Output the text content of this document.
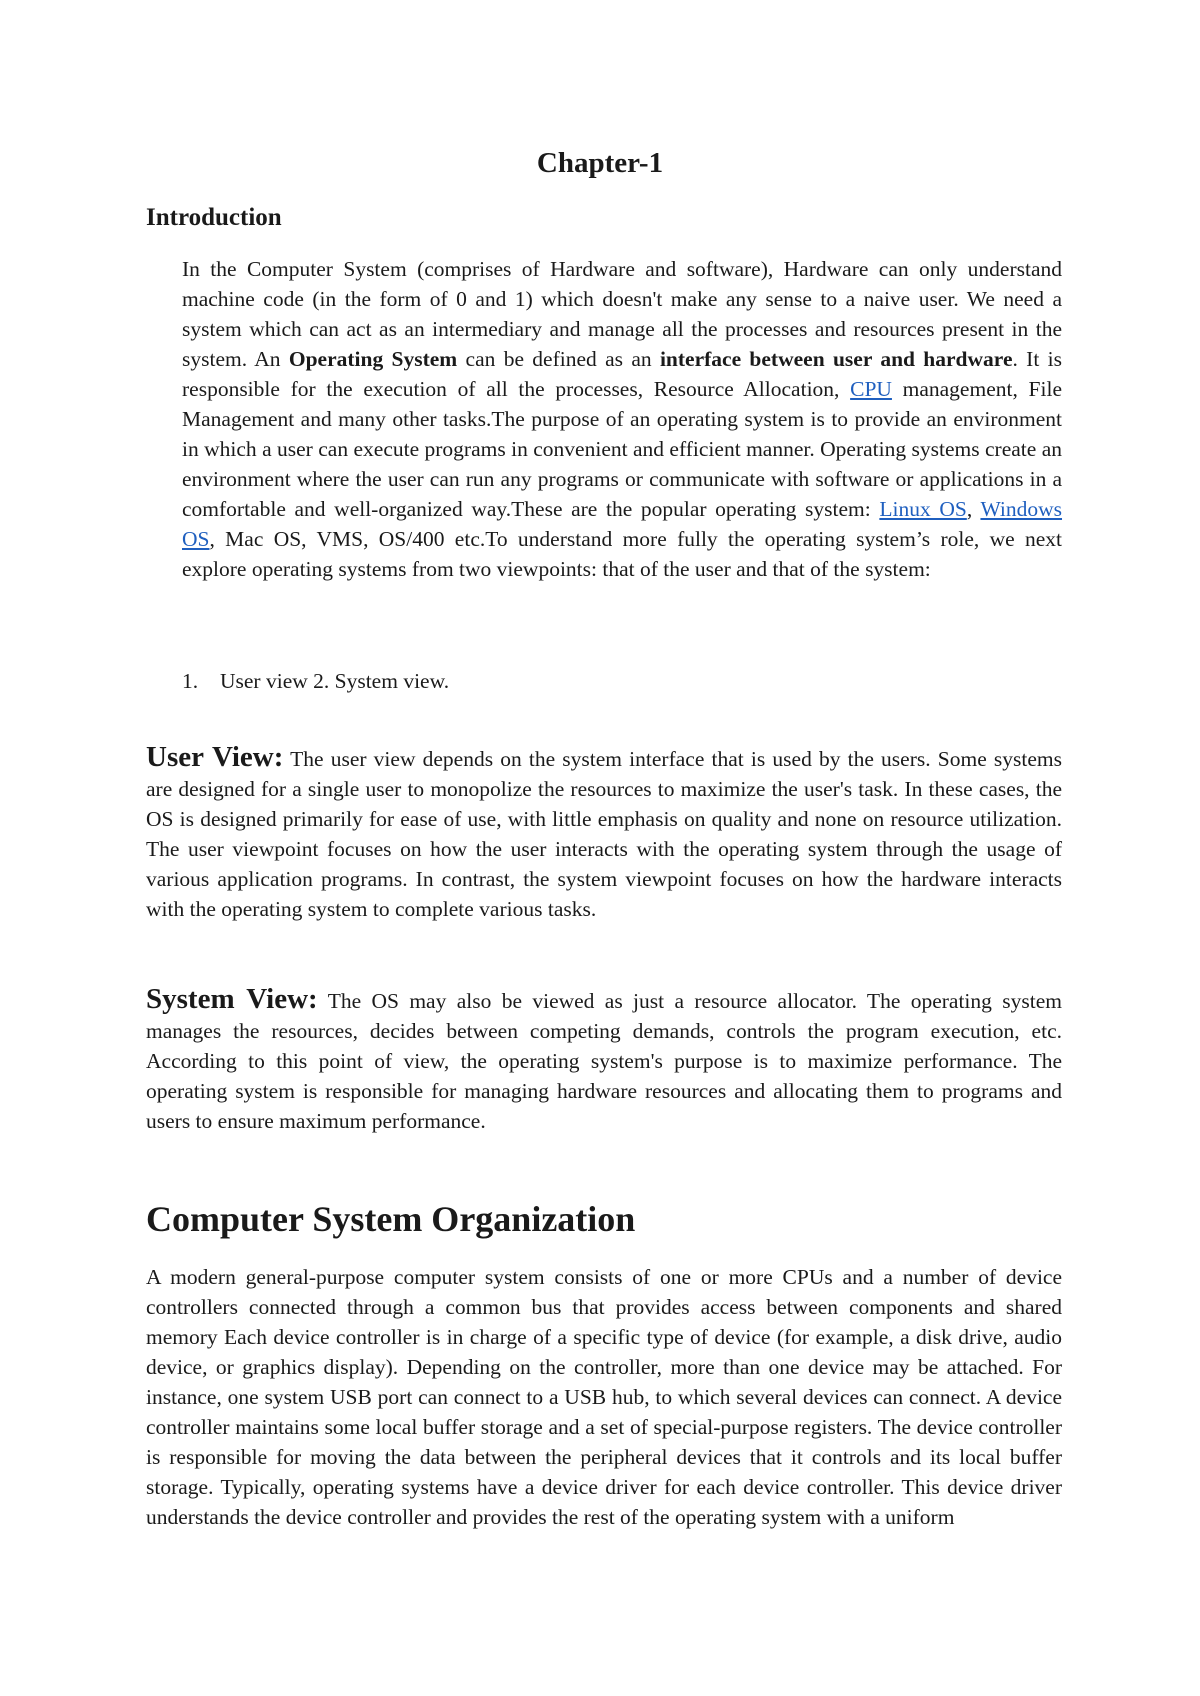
Chapter-1
Introduction

In the Computer System (comprises of Hardware and software), Hardware can only understand machine code (in the form of 0 and 1) which doesn't make any sense to a naive user. We need a system which can act as an intermediary and manage all the processes and resources present in the system. An Operating System can be defined as an interface between user and hardware. It is responsible for the execution of all the processes, Resource Allocation, CPU management, File Management and many other tasks.The purpose of an operating system is to provide an environment in which a user can execute programs in convenient and efficient manner. Operating systems create an environment where the user can run any programs or communicate with software or applications in a comfortable and well-organized way.These are the popular operating system: Linux OS, Windows OS, Mac OS, VMS, OS/400 etc.To understand more fully the operating system’s role, we next explore operating systems from two viewpoints: that of the user and that of the system:

1. User view 2. System view.

User View: The user view depends on the system interface that is used by the users. Some systems are designed for a single user to monopolize the resources to maximize the user's task. In these cases, the OS is designed primarily for ease of use, with little emphasis on quality and none on resource utilization. The user viewpoint focuses on how the user interacts with the operating system through the usage of various application programs. In contrast, the system viewpoint focuses on how the hardware interacts with the operating system to complete various tasks.

System View: The OS may also be viewed as just a resource allocator. The operating system manages the resources, decides between competing demands, controls the program execution, etc. According to this point of view, the operating system's purpose is to maximize performance. The operating system is responsible for managing hardware resources and allocating them to programs and users to ensure maximum performance.

Computer System Organization

A modern general-purpose computer system consists of one or more CPUs and a number of device controllers connected through a common bus that provides access between components and shared memory Each device controller is in charge of a specific type of device (for example, a disk drive, audio device, or graphics display). Depending on the controller, more than one device may be attached. For instance, one system USB port can connect to a USB hub, to which several devices can connect. A device controller maintains some local buffer storage and a set of special-purpose registers. The device controller is responsible for moving the data between the peripheral devices that it controls and its local buffer storage. Typically, operating systems have a device driver for each device controller. This device driver understands the device controller and provides the rest of the operating system with a uniform
